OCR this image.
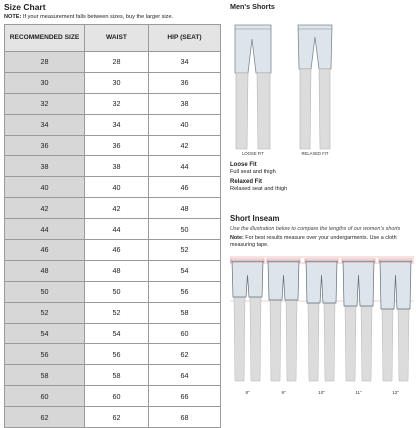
Size Chart

NOTE: If your measurement falls between sizes, buy the larger size.

RECOMMENDED SIZE	WAIST	HIP (SEAT)
28	28	34
30	30	36
32	32	38
34	34	40
36	36	42
38	38	44
40	40	46
42	42	48
44	44	50
46	46	52
48	48	54
50	50	56
52	52	58
54	54	60
56	56	62
58	58	64
60	60	66
62	62	68

Men's Shorts

LOOSE FIT	RELAXED FIT

Loose Fit

Full seat and thigh

Relaxed Fit

Relaxed seat and thigh

Short Inseam

Use the illustration below to compare the lengths of our women's shorts

Note: For best results measure over your undergarments. Use a cloth measuring tape.

8"	9"	10"	11"	12"
